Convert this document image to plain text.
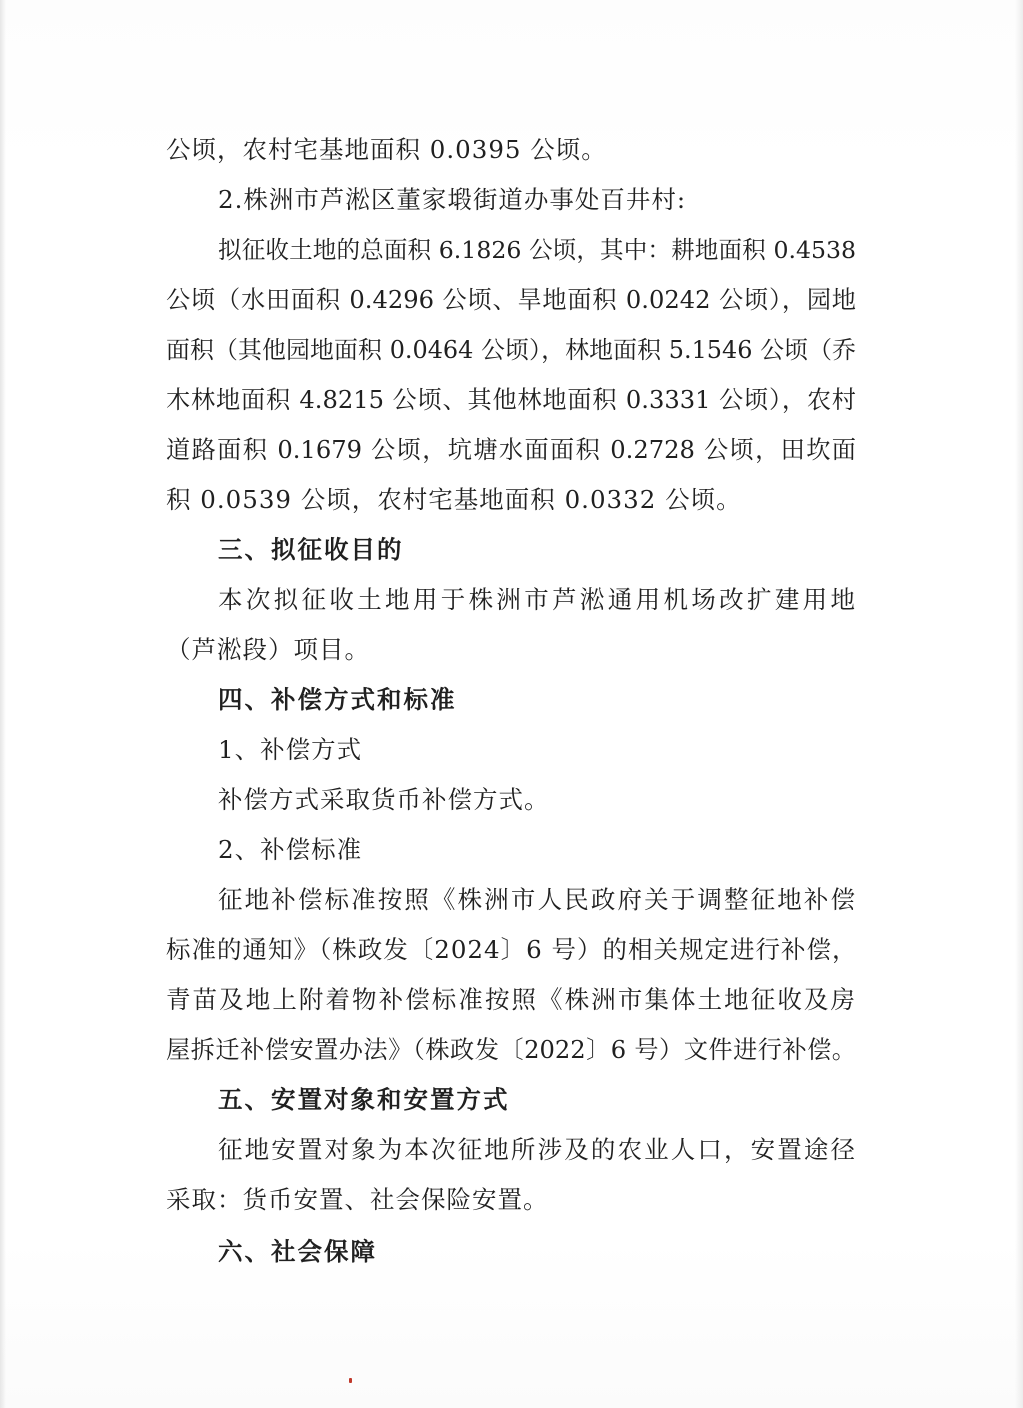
公顷，农村宅基地面积 0.0395 公顷。
2.株洲市芦淞区董家塅街道办事处百井村:
拟征收土地的总面积 6.1826 公顷，其中：耕地面积 0.4538
公顷（水田面积 0.4296 公顷、旱地面积 0.0242 公顷），园地
面积（其他园地面积 0.0464 公顷），林地面积 5.1546 公顷（乔
木林地面积 4.8215 公顷、其他林地面积 0.3331 公顷），农村
道路面积 0.1679 公顷，坑塘水面面积 0.2728 公顷，田坎面
积 0.0539 公顷，农村宅基地面积 0.0332 公顷。
三、拟征收目的
本次拟征收土地用于株洲市芦淞通用机场改扩建用地
（芦淞段）项目。
四、补偿方式和标准
1、补偿方式
补偿方式采取货币补偿方式。
2、补偿标准
征地补偿标准按照《株洲市人民政府关于调整征地补偿
标准的通知》（株政发〔2024〕6 号）的相关规定进行补偿，
青苗及地上附着物补偿标准按照《株洲市集体土地征收及房
屋拆迁补偿安置办法》（株政发〔2022〕6 号）文件进行补偿。
五、安置对象和安置方式
征地安置对象为本次征地所涉及的农业人口，安置途径
采取：货币安置、社会保险安置。
六、社会保障
